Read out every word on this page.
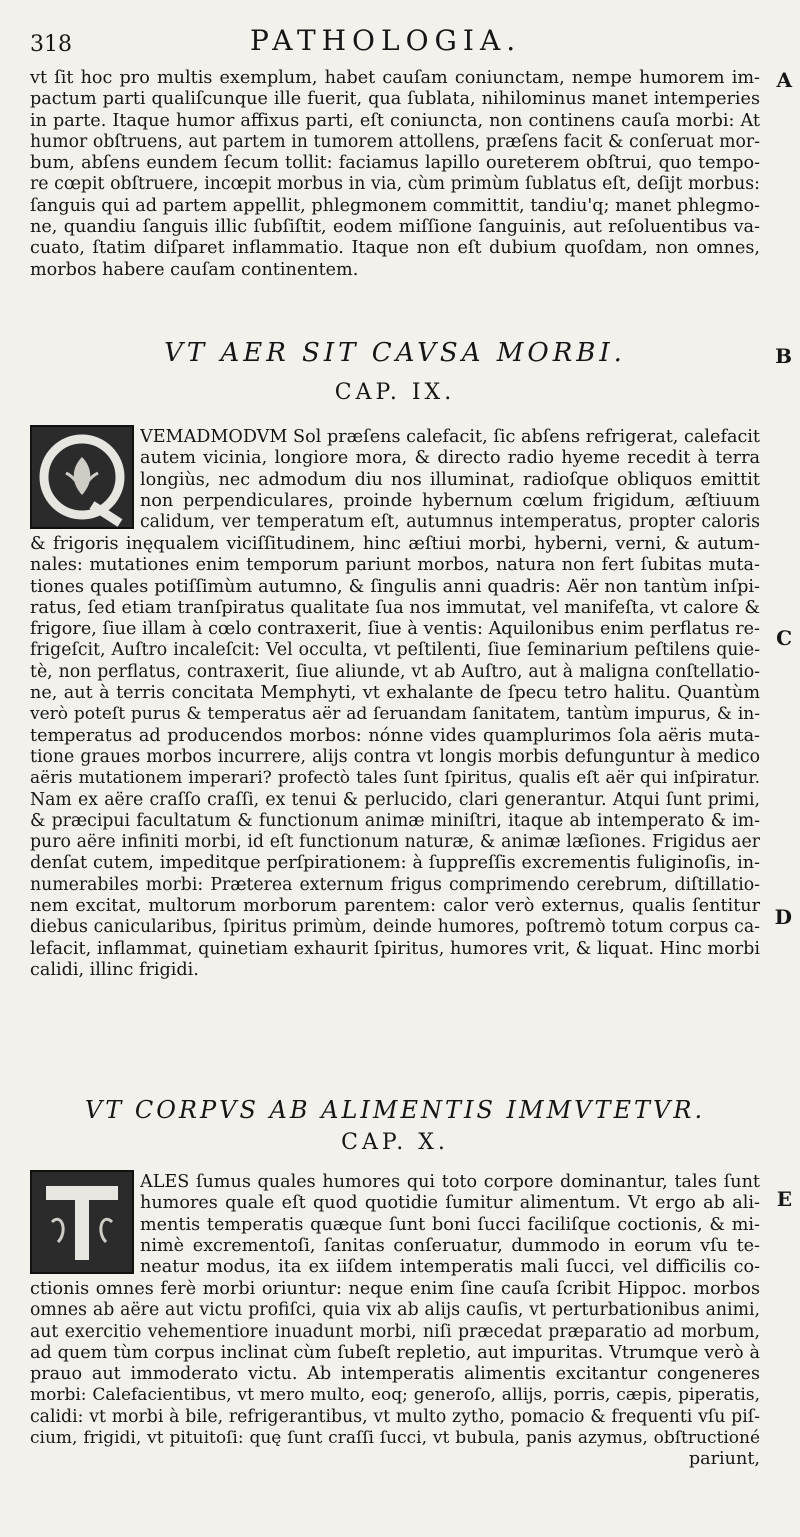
318	PATHOLOGIA.
A
B
C
D
E
vt ſit hoc pro multis exemplum, habet cauſam coniunctam, nempe humorem im-
pactum parti qualiſcunque ille fuerit, qua ſublata, nihilominus manet intemperies
in parte. Itaque humor affixus parti, eſt coniuncta, non continens cauſa morbi: At
humor obſtruens, aut partem in tumorem attollens, præſens facit & conſeruat mor-
bum, abſens eundem ſecum tollit: faciamus lapillo oureterem obſtrui, quo tempo-
re cœpit obſtruere, incœpit morbus in via, cùm primùm ſublatus eſt, deſijt morbus:
ſanguis qui ad partem appellit, phlegmonem committit, tandiu'q; manet phlegmo-
ne, quandiu ſanguis illic ſubſiſtit, eodem miſſione ſanguinis, aut reſoluentibus va-
cuato, ſtatim diſparet inflammatio. Itaque non eſt dubium quoſdam, non omnes,
morbos habere cauſam continentem.
VT AER SIT CAVSA MORBI.
CAP. IX.
VEMADMODVM Sol præſens calefacit, ſic abſens refrigerat, calefacit
autem vicinia, longiore mora, & directo radio hyeme recedit à terra
longiùs, nec admodum diu nos illuminat, radioſque obliquos emittit
non perpendiculares, proinde hybernum cœlum frigidum, æſtiuum
calidum, ver temperatum eſt, autumnus intemperatus, propter caloris
& frigoris inęqualem viciſſitudinem, hinc æſtiui morbi, hyberni, verni, & autum-
nales: mutationes enim temporum pariunt morbos, natura non fert ſubitas muta-
tiones quales potiſſimùm autumno, & ſingulis anni quadris: Aër non tantùm inſpi-
ratus, ſed etiam tranſpiratus qualitate ſua nos immutat, vel manifeſta, vt calore &
frigore, ſiue illam à cœlo contraxerit, ſiue à ventis: Aquilonibus enim perflatus re-
frigeſcit, Auſtro incaleſcit: Vel occulta, vt peſtilenti, ſiue ſeminarium peſtilens quie-
tè, non perflatus, contraxerit, ſiue aliunde, vt ab Auſtro, aut à maligna conſtellatio-
ne, aut à terris concitata Memphyti, vt exhalante de ſpecu tetro halitu. Quantùm
verò poteſt purus & temperatus aër ad ſeruandam ſanitatem, tantùm impurus, & in-
temperatus ad producendos morbos: nónne vides quamplurimos ſola aëris muta-
tione graues morbos incurrere, alijs contra vt longis morbis defunguntur à medico
aëris mutationem imperari? profectò tales ſunt ſpiritus, qualis eſt aër qui inſpiratur.
Nam ex aëre craſſo craſſi, ex tenui & perlucido, clari generantur. Atqui ſunt primi,
& præcipui facultatum & functionum animæ miniſtri, itaque ab intemperato & im-
puro aëre infiniti morbi, id eſt functionum naturæ, & animæ læſiones. Frigidus aer
denſat cutem, impeditque perſpirationem: à ſuppreſſis excrementis fuliginoſis, in-
numerabiles morbi: Præterea externum frigus comprimendo cerebrum, diſtillatio-
nem excitat, multorum morborum parentem: calor verò externus, qualis ſentitur
diebus canicularibus, ſpiritus primùm, deinde humores, poſtremò totum corpus ca-
lefacit, inflammat, quinetiam exhaurit ſpiritus, humores vrit, & liquat. Hinc morbi
calidi, illinc frigidi.
VT CORPVS AB ALIMENTIS IMMVTETVR.
CAP. X.
ALES ſumus quales humores qui toto corpore dominantur, tales ſunt
humores quale eſt quod quotidie ſumitur alimentum. Vt ergo ab ali-
mentis temperatis quæque ſunt boni ſucci faciliſque coctionis, & mi-
nimè excrementoſi, ſanitas conſeruatur, dummodo in eorum vſu te-
neatur modus, ita ex iiſdem intemperatis mali ſucci, vel difficilis co-
ctionis omnes ferè morbi oriuntur: neque enim ſine cauſa ſcribit Hippoc. morbos
omnes ab aëre aut victu profiſci, quia vix ab alijs cauſis, vt perturbationibus animi,
aut exercitio vehementiore inuadunt morbi, niſi præcedat præparatio ad morbum,
ad quem tùm corpus inclinat cùm ſubeſt repletio, aut impuritas. Vtrumque verò à
prauo aut immoderato victu. Ab intemperatis alimentis excitantur congeneres
morbi: Calefacientibus, vt mero multo, eoq; generoſo, allijs, porris, cæpis, piperatis,
calidi: vt morbi à bile, refrigerantibus, vt multo zytho, pomacio & frequenti vſu piſ-
cium, frigidi, vt pituitoſi: quę ſunt craſſi ſucci, vt bubula, panis azymus, obſtructioné
pariunt,
